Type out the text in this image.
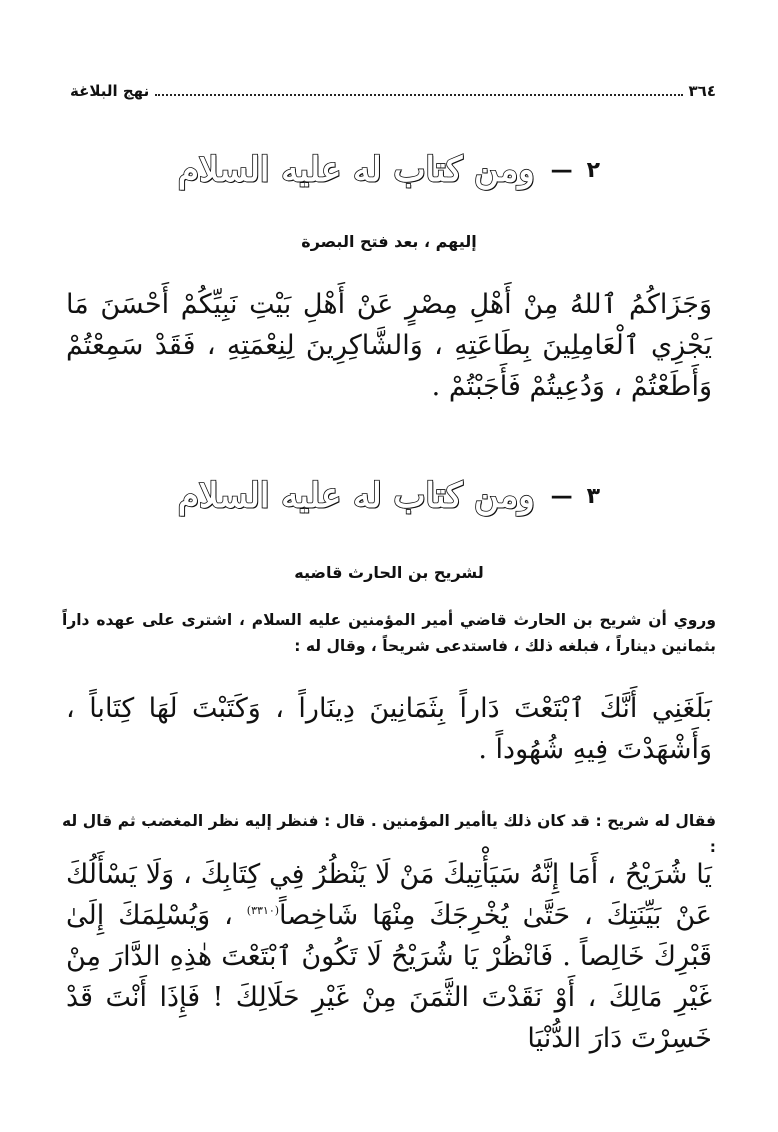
٣٦٤
نهج البلاغة
٢
—
ومن كتاب له عليه السلام
إليهم ، بعد فتح البصرة
وَجَزَاكُمُ ٱللهُ مِنْ أَهْلِ مِصْرٍ عَنْ أَهْلِ بَيْتِ نَبِيِّكُمْ أَحْسَنَ مَا يَجْزِي ٱلْعَامِلِينَ بِطَاعَتِهِ ، وَالشَّاكِرِينَ لِنِعْمَتِهِ ، فَقَدْ سَمِعْتُمْ وَأَطَعْتُمْ ، وَدُعِيتُمْ فَأَجَبْتُمْ .
٣
—
ومن كتاب له عليه السلام
لشريح بن الحارث قاضيه
وروي أن شريح بن الحارث قاضي أمير المؤمنين عليه السلام ، اشترى على عهده داراً بثمانين ديناراً ، فبلغه ذلك ، فاستدعى شريحاً ، وقال له :
بَلَغَنِي أَنَّكَ ٱبْتَعْتَ دَاراً بِثَمَانِينَ دِينَاراً ، وَكَتَبْتَ لَهَا كِتَاباً ، وَأَشْهَدْتَ فِيهِ شُهُوداً .
فقال له شريح : قد كان ذلك ياأمير المؤمنين . قال : فنظر إليه نظر المغضب ثم قال له :
يَا شُرَيْحُ ، أَمَا إِنَّهُ سَيَأْتِيكَ مَنْ لَا يَنْظُرُ فِي كِتَابِكَ ، وَلَا يَسْأَلُكَ عَنْ بَيِّنَتِكَ ، حَتَّىٰ يُخْرِجَكَ مِنْهَا شَاخِصاً$^{(٣٣١٠)}$ ، وَيُسْلِمَكَ إِلَىٰ قَبْرِكَ خَالِصاً . فَانْظُرْ يَا شُرَيْحُ لَا تَكُونُ ٱبْتَعْتَ هٰذِهِ الدَّارَ مِنْ غَيْرِ مَالِكَ ، أَوْ نَقَدْتَ الثَّمَنَ مِنْ غَيْرِ حَلَالِكَ ! فَإِذَا أَنْتَ قَدْ خَسِرْتَ دَارَ الدُّنْيَا
